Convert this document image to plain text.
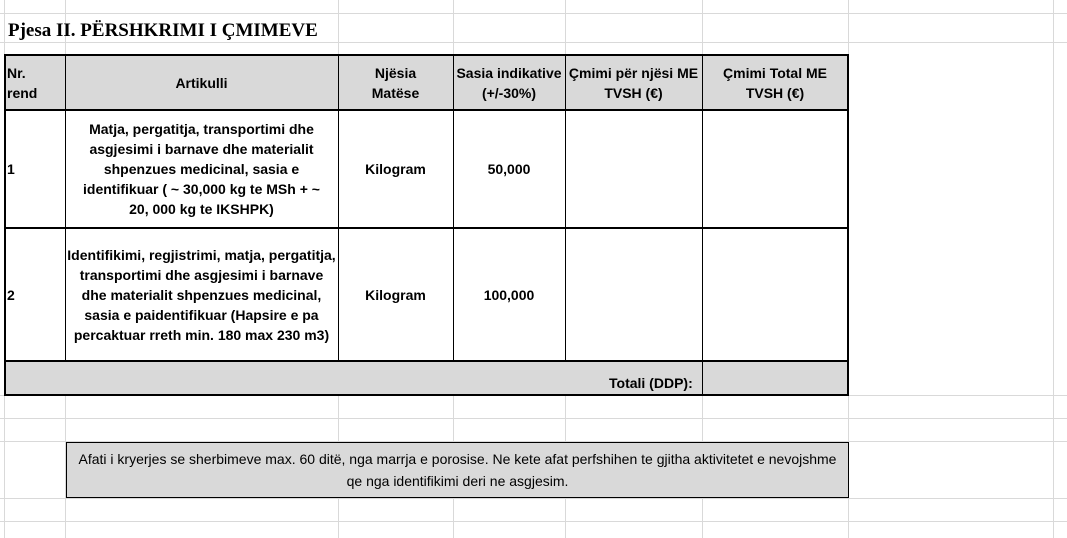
Pjesa II. PËRSHKRIMI I ÇMIMEVE
Nr. rend
Artikulli
Njësia Matëse
Sasia indikative (+/-30%)
Çmimi për njësi ME TVSH (€)
Çmimi Total ME TVSH (€)
1
Matja, pergatitja, transportimi dhe asgjesimi i barnave dhe materialit shpenzues medicinal, sasia e identifikuar ( ~ 30,000 kg te MSh + ~ 20, 000 kg te IKSHPK)
Kilogram	50,000
2
Identifikimi, regjistrimi, matja, pergatitja, transportimi dhe asgjesimi i barnave dhe materialit shpenzues medicinal, sasia e paidentifikuar (Hapsire e pa percaktuar rreth min. 180 max 230 m3)
Kilogram	100,000
Totali (DDP):
Afati i kryerjes se sherbimeve max. 60 ditë, nga marrja e porosise. Ne kete afat perfshihen te gjitha aktivitetet e nevojshme qe nga identifikimi deri ne asgjesim.
